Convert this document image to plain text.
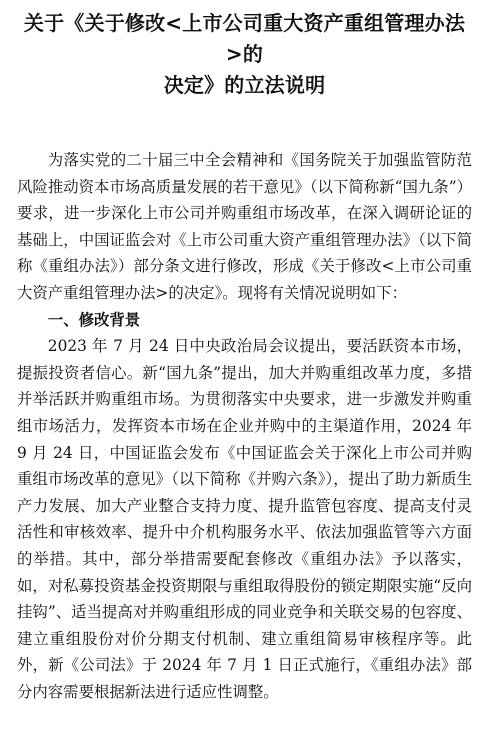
关于《关于修改<上市公司重大资产重组管理办法>的
决定》的立法说明

为落实党的二十届三中全会精神和《国务院关于加强监管防范风险推动资本市场高质量发展的若干意见》（以下简称新“国九条”）要求，进一步深化上市公司并购重组市场改革，在深入调研论证的基础上，中国证监会对《上市公司重大资产重组管理办法》（以下简称《重组办法》）部分条文进行修改，形成《关于修改<上市公司重大资产重组管理办法>的决定》。现将有关情况说明如下：

一、修改背景

2023 年 7 月 24 日中央政治局会议提出，要活跃资本市场，提振投资者信心。新“国九条”提出，加大并购重组改革力度，多措并举活跃并购重组市场。为贯彻落实中央要求，进一步激发并购重组市场活力，发挥资本市场在企业并购中的主渠道作用，2024 年 9 月 24 日，中国证监会发布《中国证监会关于深化上市公司并购重组市场改革的意见》（以下简称《并购六条》），提出了助力新质生产力发展、加大产业整合支持力度、提升监管包容度、提高支付灵活性和审核效率、提升中介机构服务水平、依法加强监管等六方面的举措。其中，部分举措需要配套修改《重组办法》予以落实，如，对私募投资基金投资期限与重组取得股份的锁定期限实施“反向挂钩”、适当提高对并购重组形成的同业竞争和关联交易的包容度、建立重组股份对价分期支付机制、建立重组简易审核程序等。此外，新《公司法》于 2024 年 7 月 1 日正式施行，《重组办法》部分内容需要根据新法进行适应性调整。
